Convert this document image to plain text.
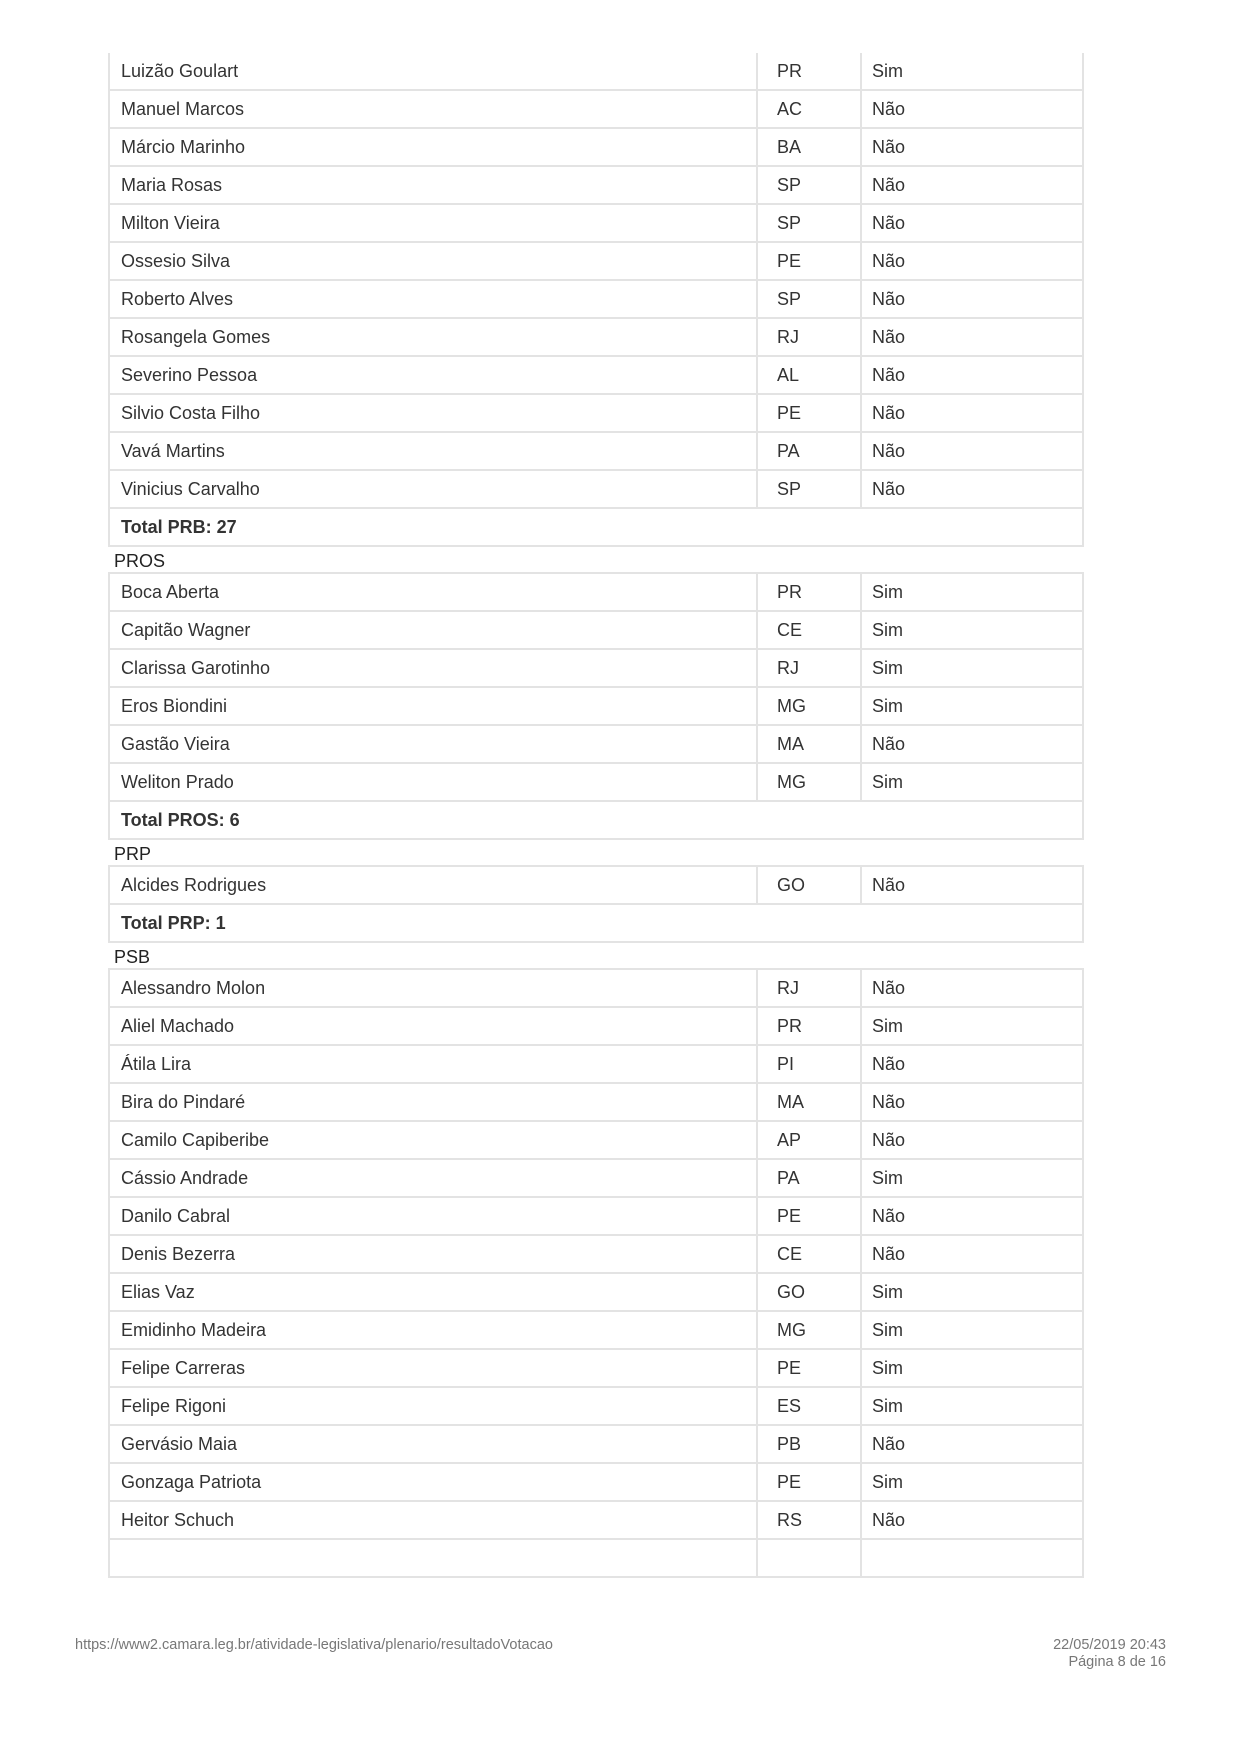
Luizão Goulart	PR	Sim
Manuel Marcos	AC	Não
Márcio Marinho	BA	Não
Maria Rosas	SP	Não
Milton Vieira	SP	Não
Ossesio Silva	PE	Não
Roberto Alves	SP	Não
Rosangela Gomes	RJ	Não
Severino Pessoa	AL	Não
Silvio Costa Filho	PE	Não
Vavá Martins	PA	Não
Vinicius Carvalho	SP	Não
Total PRB: 27
PROS
Boca Aberta	PR	Sim
Capitão Wagner	CE	Sim
Clarissa Garotinho	RJ	Sim
Eros Biondini	MG	Sim
Gastão Vieira	MA	Não
Weliton Prado	MG	Sim
Total PROS: 6
PRP
Alcides Rodrigues	GO	Não
Total PRP: 1
PSB
Alessandro Molon	RJ	Não
Aliel Machado	PR	Sim
Átila Lira	PI	Não
Bira do Pindaré	MA	Não
Camilo Capiberibe	AP	Não
Cássio Andrade	PA	Sim
Danilo Cabral	PE	Não
Denis Bezerra	CE	Não
Elias Vaz	GO	Sim
Emidinho Madeira	MG	Sim
Felipe Carreras	PE	Sim
Felipe Rigoni	ES	Sim
Gervásio Maia	PB	Não
Gonzaga Patriota	PE	Sim
Heitor Schuch	RS	Não
https://www2.camara.leg.br/atividade-legislativa/plenario/resultadoVotacao	22/05/2019 20:43
Página 8 de 16
